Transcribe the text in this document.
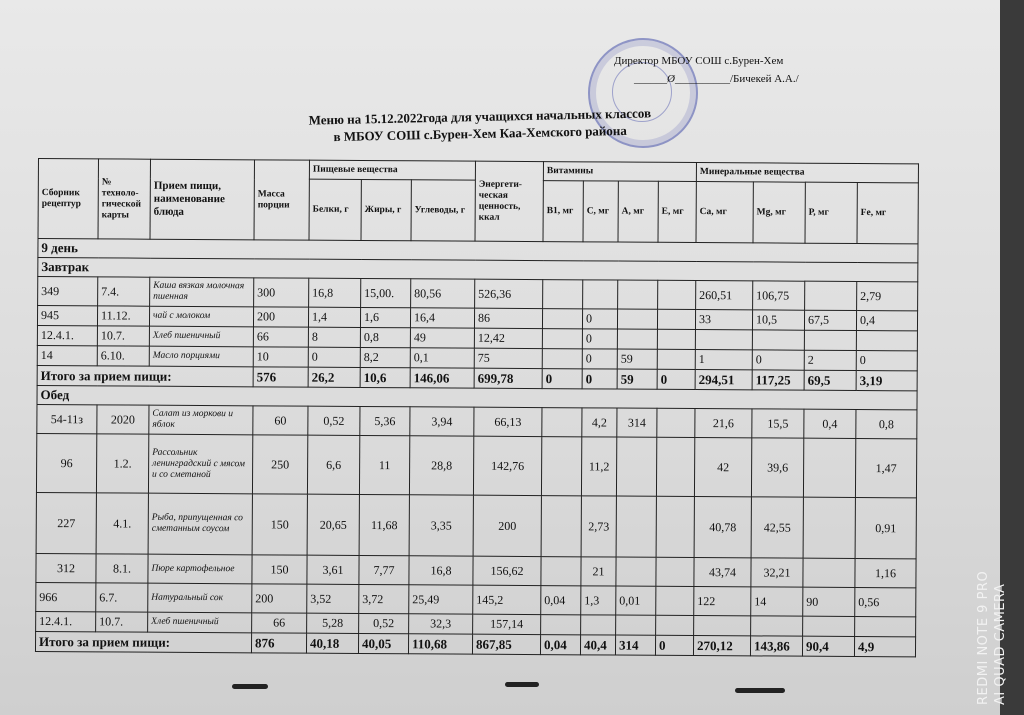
Директор МБОУ СОШ с.Бурен-Хем
______Ø__________/Бичекей А.А./
Меню на 15.12.2022года для учащихся начальных классов
в МБОУ СОШ с.Бурен-Хем Каа-Хемского района
Сборник рецептур	№ техноло-гической карты	Прием пищи, наименование блюда	Масса порции	Пищевые вещества			Энергети-ческая ценность, ккал	Витамины				Минеральные вещества			
				Белки, г	Жиры, г	Углеводы, г		В1, мг	С, мг	А, мг	Е, мг	Са, мг	Mg, мг	Р, мг	Fe, мг
9 день															
Завтрак															
349	7.4.	Каша вязкая молочная пшенная	300	16,8	15,00.	80,56	526,36					260,51	106,75		2,79
945	11.12.	чай с молоком	200	1,4	1,6	16,4	86		0			33	10,5	67,5	0,4
12.4.1.	10.7.	Хлеб пшеничный	66	8	0,8	49	12,42		0						
14	6.10.	Масло порциями	10	0	8,2	0,1	75		0	59		1	0	2	0
Итого за прием пищи:			576	26,2	10,6	146,06	699,78	0	0	59	0	294,51	117,25	69,5	3,19
Обед															
54-11з	2020	Салат из моркови и яблок	60	0,52	5,36	3,94	66,13		4,2	314		21,6	15,5	0,4	0,8
96	1.2.	Рассольник ленинградский с мясом и со сметаной	250	6,6	11	28,8	142,76		11,2			42	39,6		1,47
227	4.1.	Рыба, припущенная со сметанным соусом	150	20,65	11,68	3,35	200		2,73			40,78	42,55		0,91
312	8.1.	Пюре картофельное	150	3,61	7,77	16,8	156,62		21			43,74	32,21		1,16
966	6.7.	Натуральный сок	200	3,52	3,72	25,49	145,2	0,04	1,3	0,01		122	14	90	0,56
12.4.1.	10.7.	Хлеб пшеничный	66	5,28	0,52	32,3	157,14								
Итого за прием пищи:			876	40,18	40,05	110,68	867,85	0,04	40,4	314	0	270,12	143,86	90,4	4,9	REDMI NOTE 9 PRO AI QUAD CAMERA
